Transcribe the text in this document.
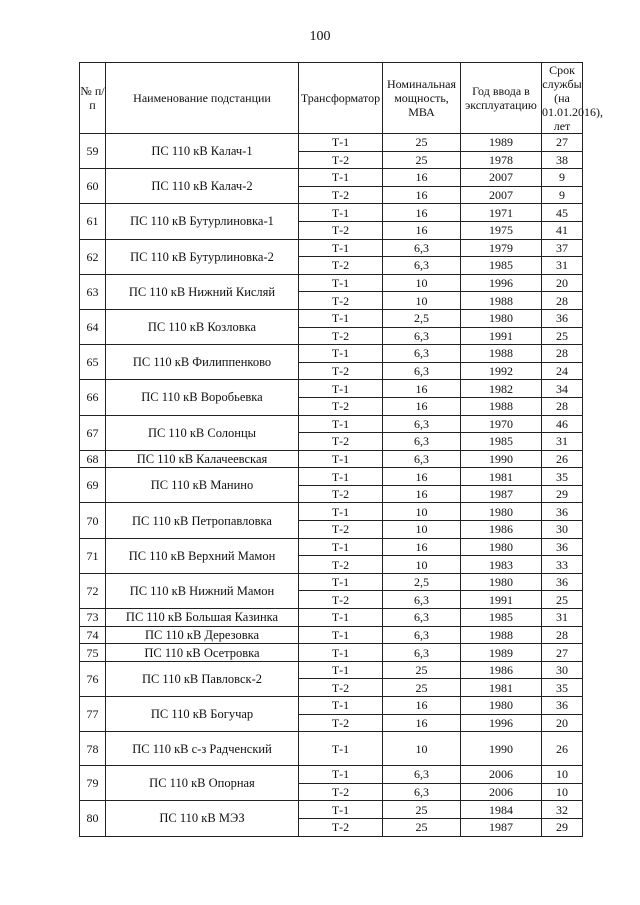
100
№ п/п	Наименование подстанции	Трансформатор	Номинальная мощность, МВА	Год ввода в эксплуатацию	Срок службы (на 01.01.2016), лет
59	ПС 110 кВ Калач-1	Т-1	25	1989	27
		Т-2	25	1978	38
60	ПС 110 кВ Калач-2	Т-1	16	2007	9
		Т-2	16	2007	9
61	ПС 110 кВ Бутурлиновка-1	Т-1	16	1971	45
		Т-2	16	1975	41
62	ПС 110 кВ Бутурлиновка-2	Т-1	6,3	1979	37
		Т-2	6,3	1985	31
63	ПС 110 кВ Нижний Кисляй	Т-1	10	1996	20
		Т-2	10	1988	28
64	ПС 110 кВ Козловка	Т-1	2,5	1980	36
		Т-2	6,3	1991	25
65	ПС 110 кВ Филиппенково	Т-1	6,3	1988	28
		Т-2	6,3	1992	24
66	ПС 110 кВ Воробьевка	Т-1	16	1982	34
		Т-2	16	1988	28
67	ПС 110 кВ Солонцы	Т-1	6,3	1970	46
		Т-2	6,3	1985	31
68	ПС 110 кВ Калачеевская	Т-1	6,3	1990	26
69	ПС 110 кВ Манино	Т-1	16	1981	35
		Т-2	16	1987	29
70	ПС 110 кВ Петропавловка	Т-1	10	1980	36
		Т-2	10	1986	30
71	ПС 110 кВ Верхний Мамон	Т-1	16	1980	36
		Т-2	10	1983	33
72	ПС 110 кВ Нижний Мамон	Т-1	2,5	1980	36
		Т-2	6,3	1991	25
73	ПС 110 кВ Большая Казинка	Т-1	6,3	1985	31
74	ПС 110 кВ Дерезовка	Т-1	6,3	1988	28
75	ПС 110 кВ Осетровка	Т-1	6,3	1989	27
76	ПС 110 кВ Павловск-2	Т-1	25	1986	30
		Т-2	25	1981	35
77	ПС 110 кВ Богучар	Т-1	16	1980	36
		Т-2	16	1996	20
78	ПС 110 кВ с-з Радченский	Т-1	10	1990	26
79	ПС 110 кВ Опорная	Т-1	6,3	2006	10
		Т-2	6,3	2006	10
80	ПС 110 кВ МЭЗ	Т-1	25	1984	32
		Т-2	25	1987	29
